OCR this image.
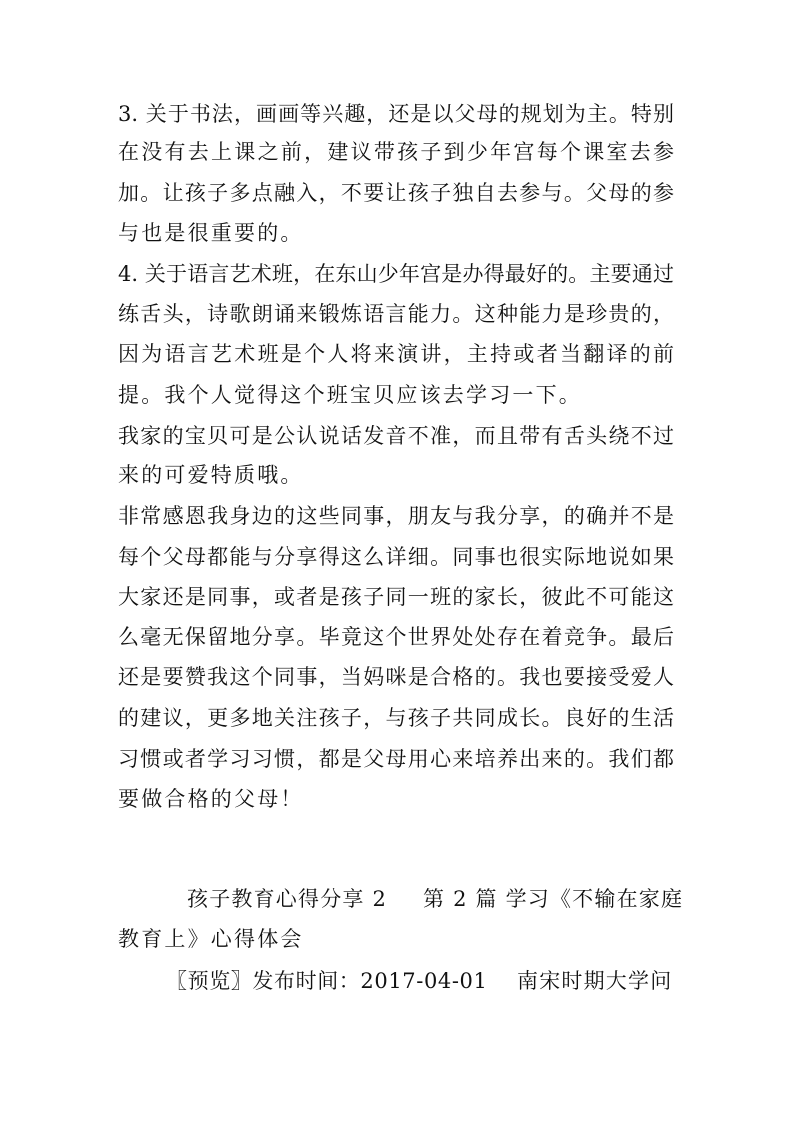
3. 关于书法，画画等兴趣，还是以父母的规划为主。特别
在没有去上课之前，建议带孩子到少年宫每个课室去参
加。让孩子多点融入，不要让孩子独自去参与。父母的参
与也是很重要的。
4. 关于语言艺术班，在东山少年宫是办得最好的。主要通过
练舌头，诗歌朗诵来锻炼语言能力。这种能力是珍贵的，
因为语言艺术班是个人将来演讲，主持或者当翻译的前
提。我个人觉得这个班宝贝应该去学习一下。
我家的宝贝可是公认说话发音不准，而且带有舌头绕不过
来的可爱特质哦。
非常感恩我身边的这些同事，朋友与我分享，的确并不是
每个父母都能与分享得这么详细。同事也很实际地说如果
大家还是同事，或者是孩子同一班的家长，彼此不可能这
么毫无保留地分享。毕竟这个世界处处存在着竞争。最后
还是要赞我这个同事，当妈咪是合格的。我也要接受爱人
的建议，更多地关注孩子，与孩子共同成长。良好的生活
习惯或者学习习惯，都是父母用心来培养出来的。我们都
要做合格的父母！
孩子教育心得分享 2 第 2 篇 学习《不输在家庭
教育上》心得体会
〖预览〗发布时间：2017-04-01 南宋时期大学问
